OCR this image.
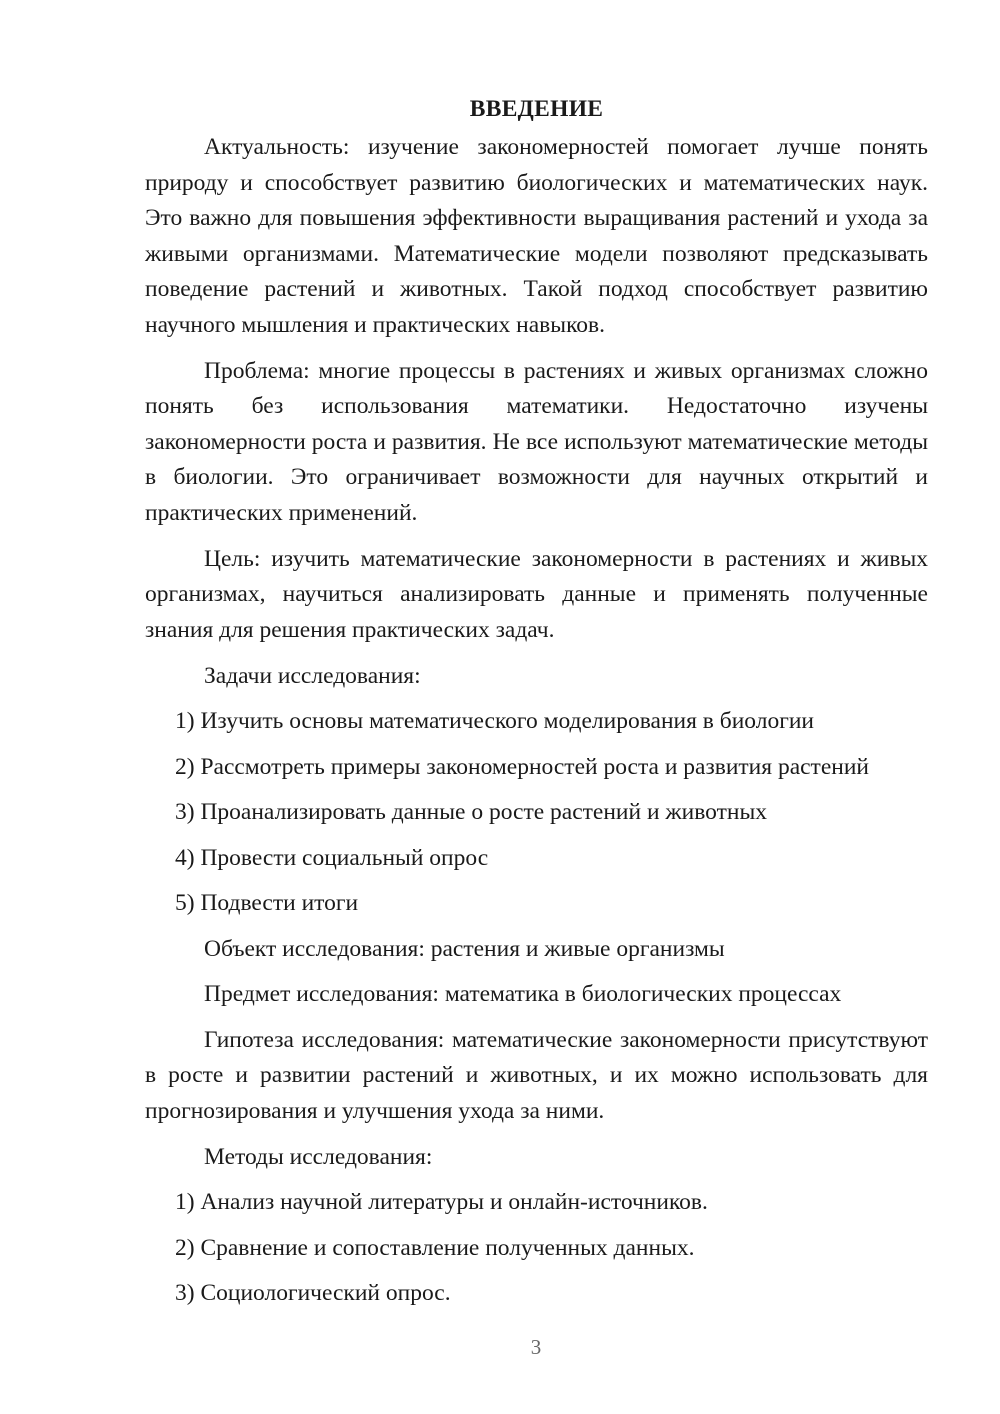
ВВЕДЕНИЕ

Актуальность: изучение закономерностей помогает лучше понять природу и способствует развитию биологических и математических наук. Это важно для повышения эффективности выращивания растений и ухода за живыми организмами. Математические модели позволяют предсказывать поведение растений и животных. Такой подход способствует развитию научного мышления и практических навыков.

Проблема: многие процессы в растениях и живых организмах сложно понять без использования математики. Недостаточно изучены закономерности роста и развития. Не все используют математические методы в биологии. Это ограничивает возможности для научных открытий и практических применений.

Цель: изучить математические закономерности в растениях и живых организмах, научиться анализировать данные и применять полученные знания для решения практических задач.

Задачи исследования:

1) Изучить основы математического моделирования в биологии
2) Рассмотреть примеры закономерностей роста и развития растений
3) Проанализировать данные о росте растений и животных
4) Провести социальный опрос
5) Подвести итоги

Объект исследования: растения и живые организмы

Предмет исследования: математика в биологических процессах

Гипотеза исследования: математические закономерности присутствуют в росте и развитии растений и животных, и их можно использовать для прогнозирования и улучшения ухода за ними.

Методы исследования:

1) Анализ научной литературы и онлайн-источников.
2) Сравнение и сопоставление полученных данных.
3) Социологический опрос.
3
